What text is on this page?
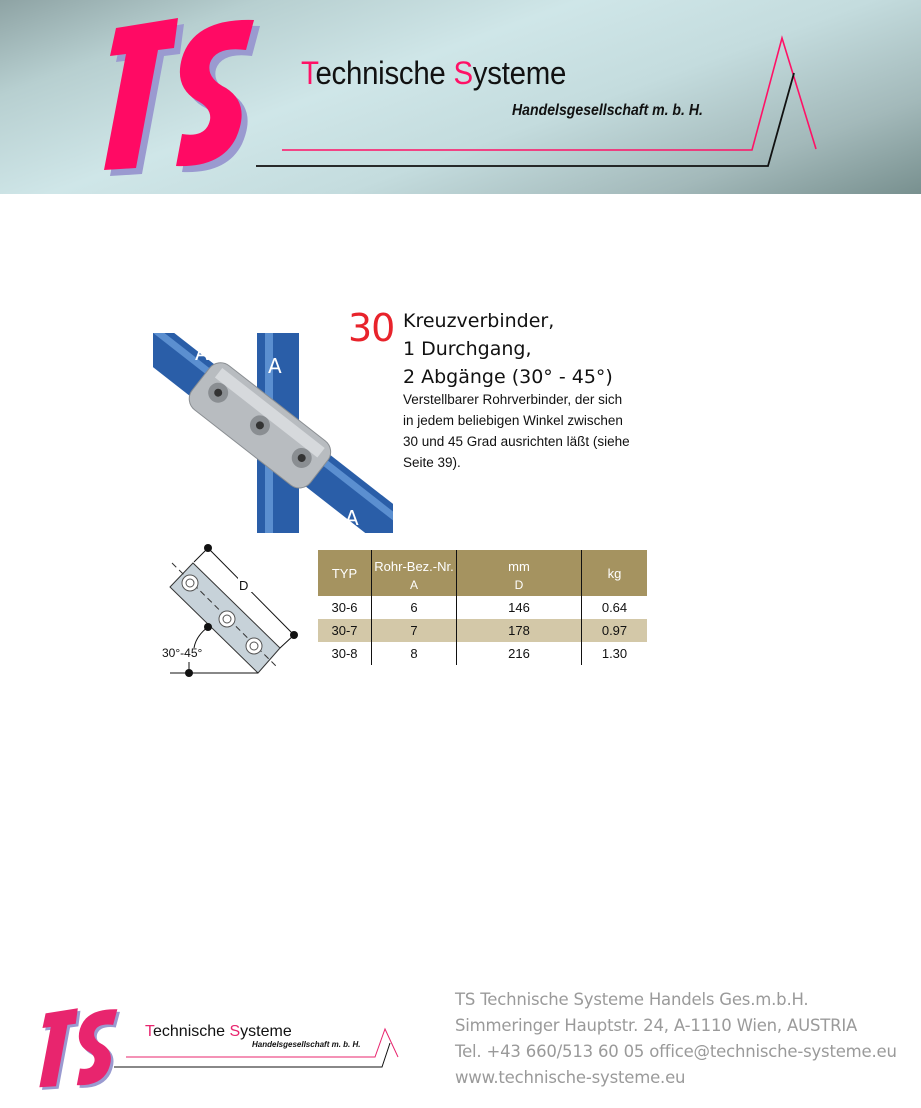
Technische Systeme
Handelsgesellschaft m. b. H.
A
A
A
30 Kreuzverbinder,
1 Durchgang,
2 Abgänge (30° - 45°)
Verstellbarer Rohrverbinder, der sich
in jedem beliebigen Winkel zwischen
30 und 45 Grad ausrichten läßt (siehe
Seite 39).
D
30°-45°
TYP	Rohr-Bez.-Nr.	mm	kg
	A	D	
30-6	6	146	0.64
30-7	7	178	0.97
30-8	8	216	1.30
Technische Systeme
Handelsgesellschaft m. b. H.
TS Technische Systeme Handels Ges.m.b.H.
Simmeringer Hauptstr. 24, A-1110 Wien, AUSTRIA
Tel. +43 660/513 60 05 office@technische-systeme.eu
www.technische-systeme.eu
